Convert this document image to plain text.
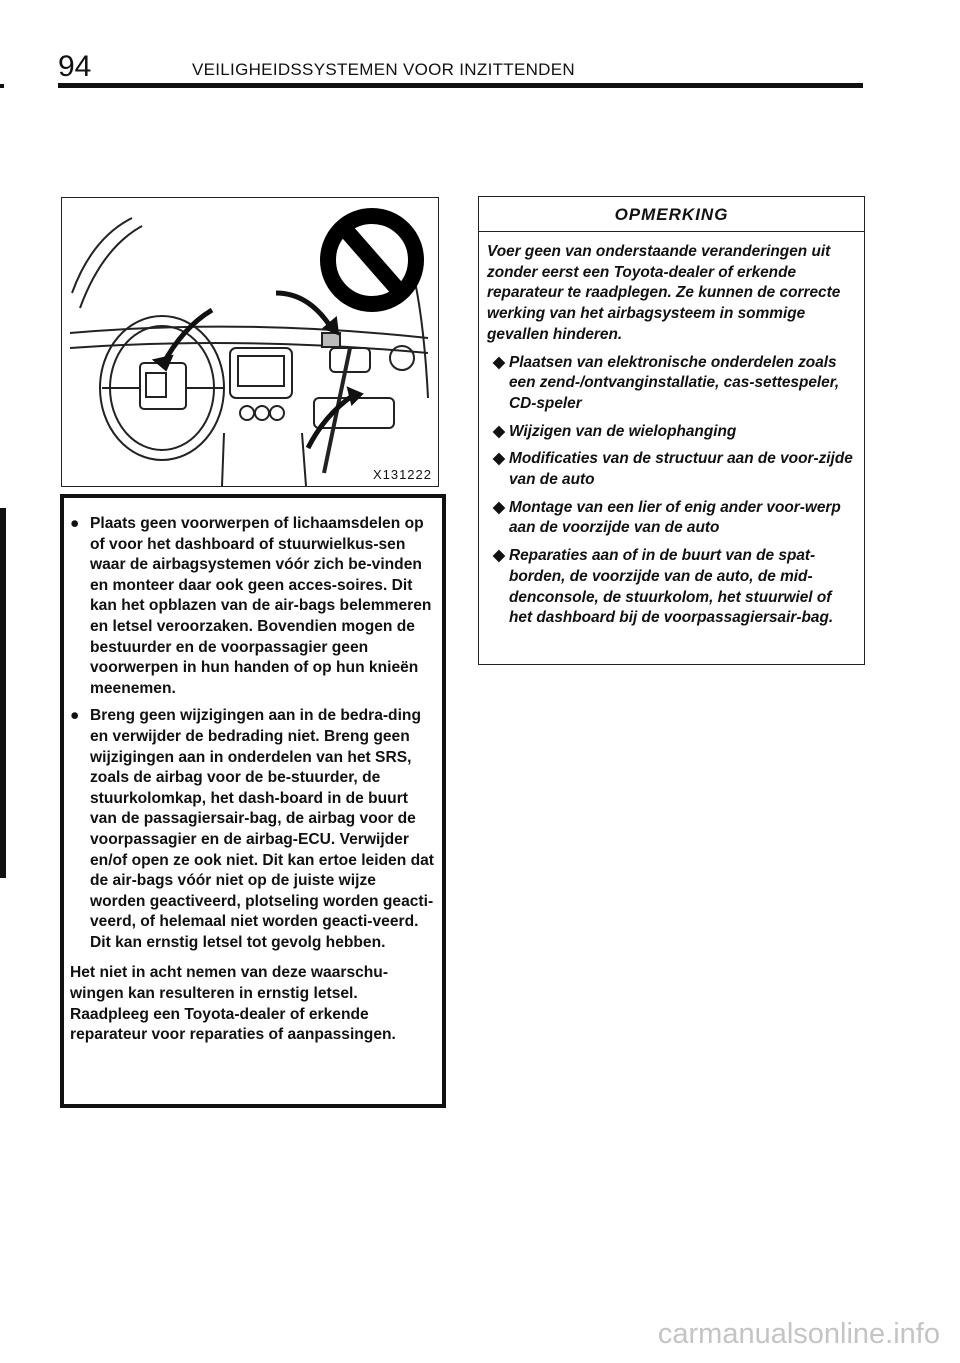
94	VEILIGHEIDSSYSTEMEN VOOR INZITTENDEN
X131222
● Plaats geen voorwerpen of lichaamsdelen op of voor het dashboard of stuurwielkus-sen waar de airbagsystemen vóór zich be-vinden en monteer daar ook geen acces-soires. Dit kan het opblazen van de air-bags belemmeren en letsel veroorzaken. Bovendien mogen de bestuurder en de voorpassagier geen voorwerpen in hun handen of op hun knieën meenemen.
● Breng geen wijzigingen aan in de bedra-ding en verwijder de bedrading niet. Breng geen wijzigingen aan in onderdelen van het SRS, zoals de airbag voor de be-stuurder, de stuurkolomkap, het dash-board in de buurt van de passagiersair-bag, de airbag voor de voorpassagier en de airbag-ECU. Verwijder en/of open ze ook niet. Dit kan ertoe leiden dat de air-bags vóór niet op de juiste wijze worden geactiveerd, plotseling worden geacti-veerd, of helemaal niet worden geacti-veerd. Dit kan ernstig letsel tot gevolg hebben.
Het niet in acht nemen van deze waarschu-wingen kan resulteren in ernstig letsel. Raadpleeg een Toyota-dealer of erkende reparateur voor reparaties of aanpassingen.
OPMERKING
Voer geen van onderstaande veranderingen uit zonder eerst een Toyota-dealer of erkende reparateur te raadplegen. Ze kunnen de correcte werking van het airbagsysteem in sommige gevallen hinderen.
◆ Plaatsen van elektronische onderdelen zoals een zend-/ontvanginstallatie, cas-settespeler, CD-speler
◆ Wijzigen van de wielophanging
◆ Modificaties van de structuur aan de voor-zijde van de auto
◆ Montage van een lier of enig ander voor-werp aan de voorzijde van de auto
◆ Reparaties aan of in de buurt van de spat-borden, de voorzijde van de auto, de mid-denconsole, de stuurkolom, het stuurwiel of het dashboard bij de voorpassagiersair-bag.
carmanualsonline.info
